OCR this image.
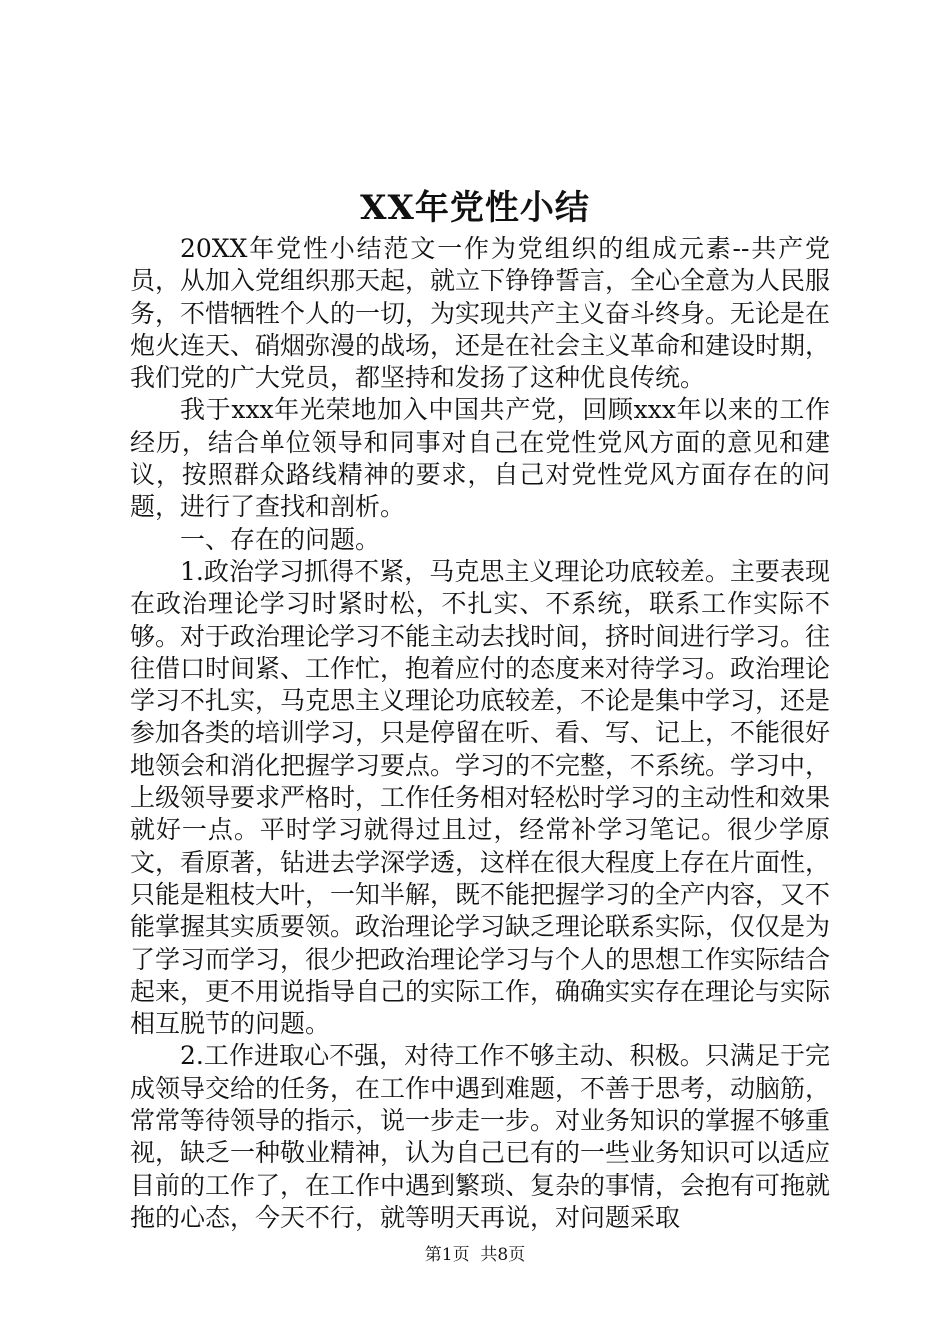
XX年党性小结

20XX年党性小结范文一作为党组织的组成元素--共产党员，从加入党组织那天起，就立下铮铮誓言，全心全意为人民服务，不惜牺牲个人的一切，为实现共产主义奋斗终身。无论是在炮火连天、硝烟弥漫的战场，还是在社会主义革命和建设时期，我们党的广大党员，都坚持和发扬了这种优良传统。

我于xxx年光荣地加入中国共产党，回顾xxx年以来的工作经历，结合单位领导和同事对自己在党性党风方面的意见和建议，按照群众路线精神的要求，自己对党性党风方面存在的问题，进行了查找和剖析。

一、存在的问题。

1.政治学习抓得不紧，马克思主义理论功底较差。主要表现在政治理论学习时紧时松，不扎实、不系统，联系工作实际不够。对于政治理论学习不能主动去找时间，挤时间进行学习。往往借口时间紧、工作忙，抱着应付的态度来对待学习。政治理论学习不扎实，马克思主义理论功底较差，不论是集中学习，还是参加各类的培训学习，只是停留在听、看、写、记上，不能很好地领会和消化把握学习要点。学习的不完整，不系统。学习中，上级领导要求严格时，工作任务相对轻松时学习的主动性和效果就好一点。平时学习就得过且过，经常补学习笔记。很少学原文，看原著，钻进去学深学透，这样在很大程度上存在片面性，只能是粗枝大叶，一知半解，既不能把握学习的全产内容，又不能掌握其实质要领。政治理论学习缺乏理论联系实际，仅仅是为了学习而学习，很少把政治理论学习与个人的思想工作实际结合起来，更不用说指导自己的实际工作，确确实实存在理论与实际相互脱节的问题。

2.工作进取心不强，对待工作不够主动、积极。只满足于完成领导交给的任务，在工作中遇到难题，不善于思考，动脑筋，常常等待领导的指示，说一步走一步。对业务知识的掌握不够重视，缺乏一种敬业精神，认为自己已有的一些业务知识可以适应目前的工作了，在工作中遇到繁琐、复杂的事情，会抱有可拖就拖的心态，今天不行，就等明天再说，对问题采取

第1页  共8页
